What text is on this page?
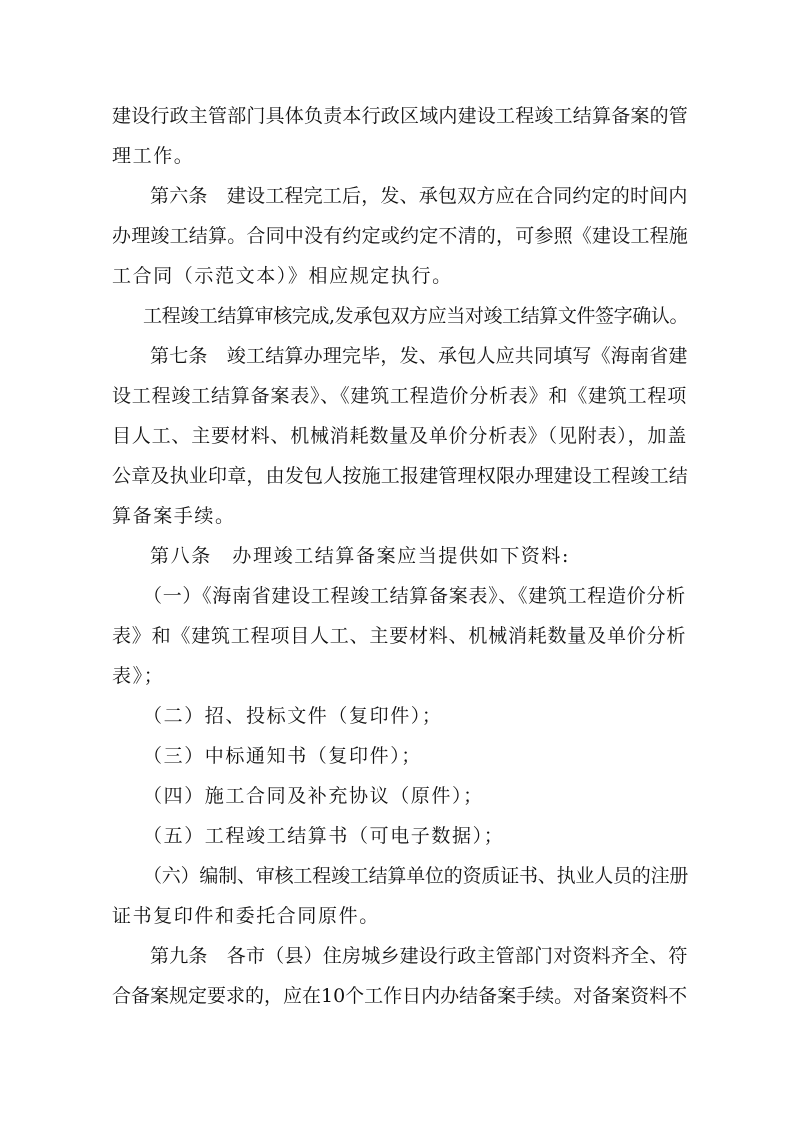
建设行政主管部门具体负责本行政区域内建设工程竣工结算备案的管
理工作。
第六条　建设工程完工后，发、承包双方应在合同约定的时间内
办理竣工结算。合同中没有约定或约定不清的，可参照《建设工程施
工合同（示范文本）》相应规定执行。
工程竣工结算审核完成,发承包双方应当对竣工结算文件签字确认。
第七条　竣工结算办理完毕，发、承包人应共同填写《海南省建
设工程竣工结算备案表》、《建筑工程造价分析表》和《建筑工程项
目人工、主要材料、机械消耗数量及单价分析表》（见附表），加盖
公章及执业印章，由发包人按施工报建管理权限办理建设工程竣工结
算备案手续。
第八条　办理竣工结算备案应当提供如下资料:
（一）《海南省建设工程竣工结算备案表》、《建筑工程造价分析
表》和《建筑工程项目人工、主要材料、机械消耗数量及单价分析
表》；
（二）招、投标文件（复印件）；
（三）中标通知书（复印件）；
（四）施工合同及补充协议（原件）；
（五）工程竣工结算书（可电子数据）；
（六）编制、审核工程竣工结算单位的资质证书、执业人员的注册
证书复印件和委托合同原件。
第九条　各市（县）住房城乡建设行政主管部门对资料齐全、符
合备案规定要求的，应在10个工作日内办结备案手续。对备案资料不
